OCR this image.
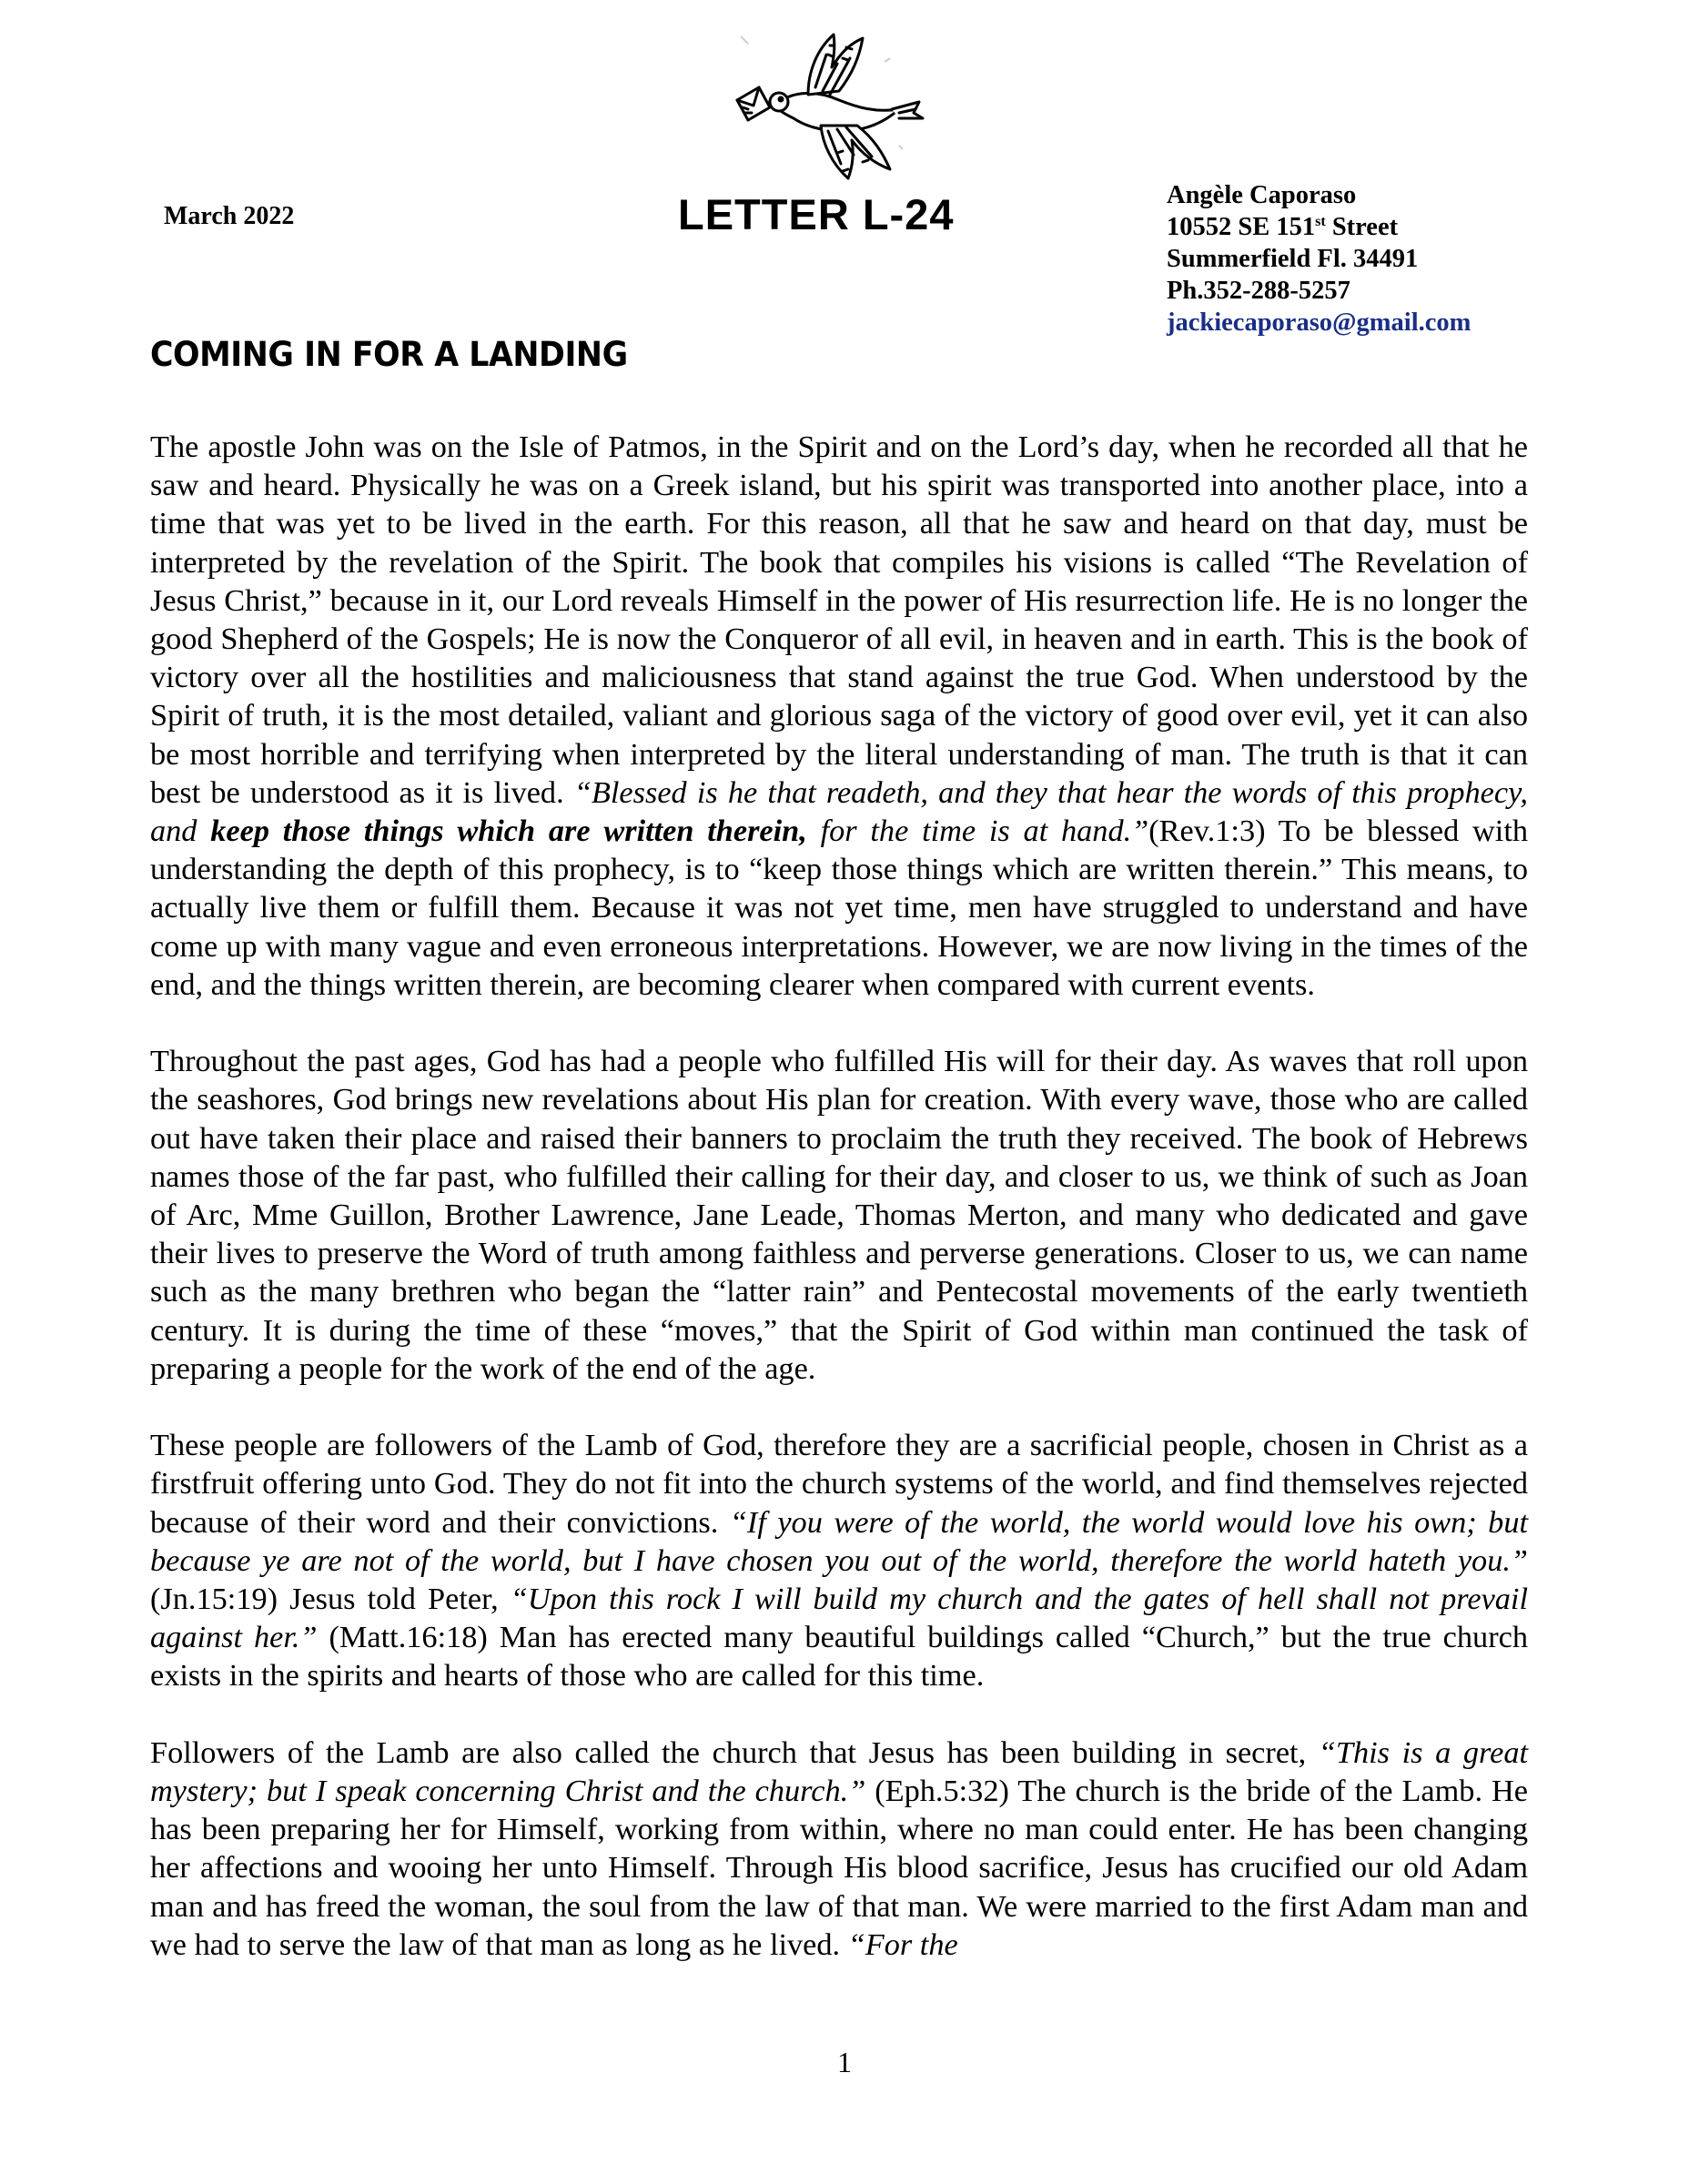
March 2022	LETTER L-24	Angèle Caporaso
10552 SE 151st Street
Summerfield Fl. 34491
Ph.352-288-5257
jackiecaporaso@gmail.com
COMING IN FOR A LANDING

The apostle John was on the Isle of Patmos, in the Spirit and on the Lord’s day, when he recorded all that he saw and heard. Physically he was on a Greek island, but his spirit was transported into another place, into a time that was yet to be lived in the earth. For this reason, all that he saw and heard on that day, must be interpreted by the revelation of the Spirit. The book that compiles his visions is called “The Revelation of Jesus Christ,” because in it, our Lord reveals Himself in the power of His resurrection life. He is no longer the good Shepherd of the Gospels; He is now the Conqueror of all evil, in heaven and in earth. This is the book of victory over all the hostilities and maliciousness that stand against the true God. When understood by the Spirit of truth, it is the most detailed, valiant and glorious saga of the victory of good over evil, yet it can also be most horrible and terrifying when interpreted by the literal understanding of man. The truth is that it can best be understood as it is lived. “Blessed is he that readeth, and they that hear the words of this prophecy, and keep those things which are written therein, for the time is at hand.”(Rev.1:3) To be blessed with understanding the depth of this prophecy, is to “keep those things which are written therein.” This means, to actually live them or fulfill them. Because it was not yet time, men have struggled to understand and have come up with many vague and even erroneous interpretations. However, we are now living in the times of the end, and the things written therein, are becoming clearer when compared with current events.

Throughout the past ages, God has had a people who fulfilled His will for their day. As waves that roll upon the seashores, God brings new revelations about His plan for creation. With every wave, those who are called out have taken their place and raised their banners to proclaim the truth they received. The book of Hebrews names those of the far past, who fulfilled their calling for their day, and closer to us, we think of such as Joan of Arc, Mme Guillon, Brother Lawrence, Jane Leade, Thomas Merton, and many who dedicated and gave their lives to preserve the Word of truth among faithless and perverse generations. Closer to us, we can name such as the many brethren who began the “latter rain” and Pentecostal movements of the early twentieth century. It is during the time of these “moves,” that the Spirit of God within man continued the task of preparing a people for the work of the end of the age.

These people are followers of the Lamb of God, therefore they are a sacrificial people, chosen in Christ as a firstfruit offering unto God. They do not fit into the church systems of the world, and find themselves rejected because of their word and their convictions. “If you were of the world, the world would love his own; but because ye are not of the world, but I have chosen you out of the world, therefore the world hateth you.” (Jn.15:19) Jesus told Peter, “Upon this rock I will build my church and the gates of hell shall not prevail against her.” (Matt.16:18) Man has erected many beautiful buildings called “Church,” but the true church exists in the spirits and hearts of those who are called for this time.

Followers of the Lamb are also called the church that Jesus has been building in secret, “This is a great mystery; but I speak concerning Christ and the church.” (Eph.5:32) The church is the bride of the Lamb. He has been preparing her for Himself, working from within, where no man could enter. He has been changing her affections and wooing her unto Himself. Through His blood sacrifice, Jesus has crucified our old Adam man and has freed the woman, the soul from the law of that man. We were married to the first Adam man and we had to serve the law of that man as long as he lived. “For the

1
